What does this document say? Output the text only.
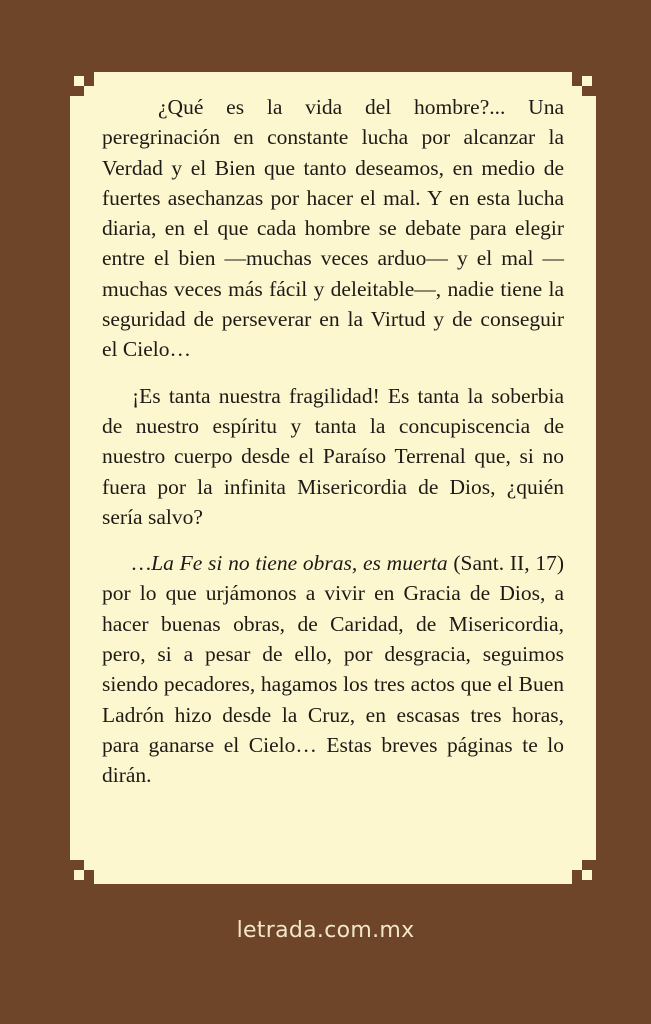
¿Qué es la vida del hombre?... Una peregrinación en constante lucha por alcanzar la Verdad y el Bien que tanto deseamos, en medio de fuertes asechanzas por hacer el mal. Y en esta lucha diaria, en el que cada hombre se debate para elegir entre el bien —muchas veces arduo— y el mal —muchas veces más fácil y deleitable—, nadie tiene la seguridad de perseverar en la Virtud y de conseguir el Cielo…

¡Es tanta nuestra fragilidad! Es tanta la soberbia de nuestro espíritu y tanta la concupiscencia de nuestro cuerpo desde el Paraíso Terrenal que, si no fuera por la infinita Misericordia de Dios, ¿quién sería salvo?

…La Fe si no tiene obras, es muerta (Sant. II, 17) por lo que urjámonos a vivir en Gracia de Dios, a hacer buenas obras, de Caridad, de Misericordia, pero, si a pesar de ello, por desgracia, seguimos siendo pecadores, hagamos los tres actos que el Buen Ladrón hizo desde la Cruz, en escasas tres horas, para ganarse el Cielo… Estas breves páginas te lo dirán.

letrada.com.mx
